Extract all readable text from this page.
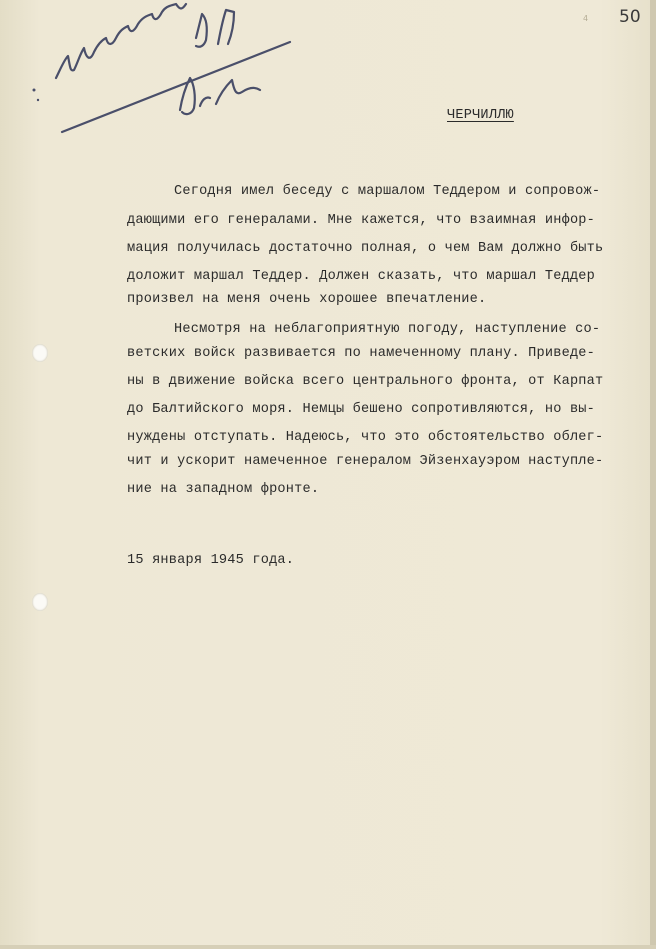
50
4
ЧЕРЧИЛЛЮ
Сегодня имел беседу с маршалом Теддером и сопровож-
дающими его генералами. Мне кажется, что взаимная инфор-
мация получилась достаточно полная, о чем Вам должно быть
доложит маршал Теддер. Должен сказать, что маршал Теддер
произвел на меня очень хорошее впечатление.
Несмотря на неблагоприятную погоду, наступление со-
ветских войск развивается по намеченному плану. Приведе-
ны в движение войска всего центрального фронта, от Карпат
до Балтийского моря. Немцы бешено сопротивляются, но вы-
нуждены отступать. Надеюсь, что это обстоятельство облег-
чит и ускорит намеченное генералом Эйзенхауэром наступле-
ние на западном фронте.
15 января 1945 года.
